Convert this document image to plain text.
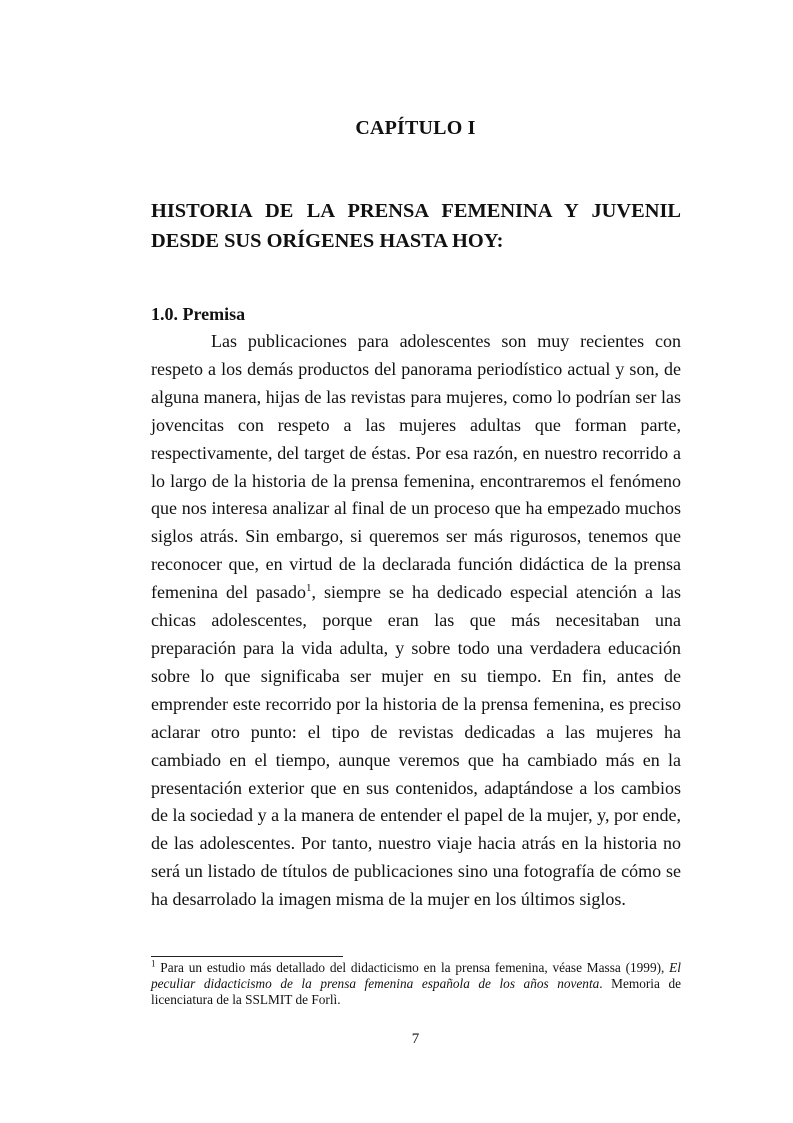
CAPÍTULO I
HISTORIA DE LA PRENSA FEMENINA Y JUVENIL DESDE SUS ORÍGENES HASTA HOY:
1.0. Premisa

Las publicaciones para adolescentes son muy recientes con respeto a los demás productos del panorama periodístico actual y son, de alguna manera, hijas de las revistas para mujeres, como lo podrían ser las jovencitas con respeto a las mujeres adultas que forman parte, respectivamente, del target de éstas. Por esa razón, en nuestro recorrido a lo largo de la historia de la prensa femenina, encontraremos el fenómeno que nos interesa analizar al final de un proceso que ha empezado muchos siglos atrás. Sin embargo, si queremos ser más rigurosos, tenemos que reconocer que, en virtud de la declarada función didáctica de la prensa femenina del pasado$^1$, siempre se ha dedicado especial atención a las chicas adolescentes, porque eran las que más necesitaban una preparación para la vida adulta, y sobre todo una verdadera educación sobre lo que significaba ser mujer en su tiempo. En fin, antes de emprender este recorrido por la historia de la prensa femenina, es preciso aclarar otro punto: el tipo de revistas dedicadas a las mujeres ha cambiado en el tiempo, aunque veremos que ha cambiado más en la presentación exterior que en sus contenidos, adaptándose a los cambios de la sociedad y a la manera de entender el papel de la mujer, y, por ende, de las adolescentes. Por tanto, nuestro viaje hacia atrás en la historia no será un listado de títulos de publicaciones sino una fotografía de cómo se ha desarrolado la imagen misma de la mujer en los últimos siglos.

$^1$ Para un estudio más detallado del didacticismo en la prensa femenina, véase Massa (1999), El peculiar didacticismo de la prensa femenina española de los años noventa. Memoria de licenciatura de la SSLMIT de Forlì.

7
